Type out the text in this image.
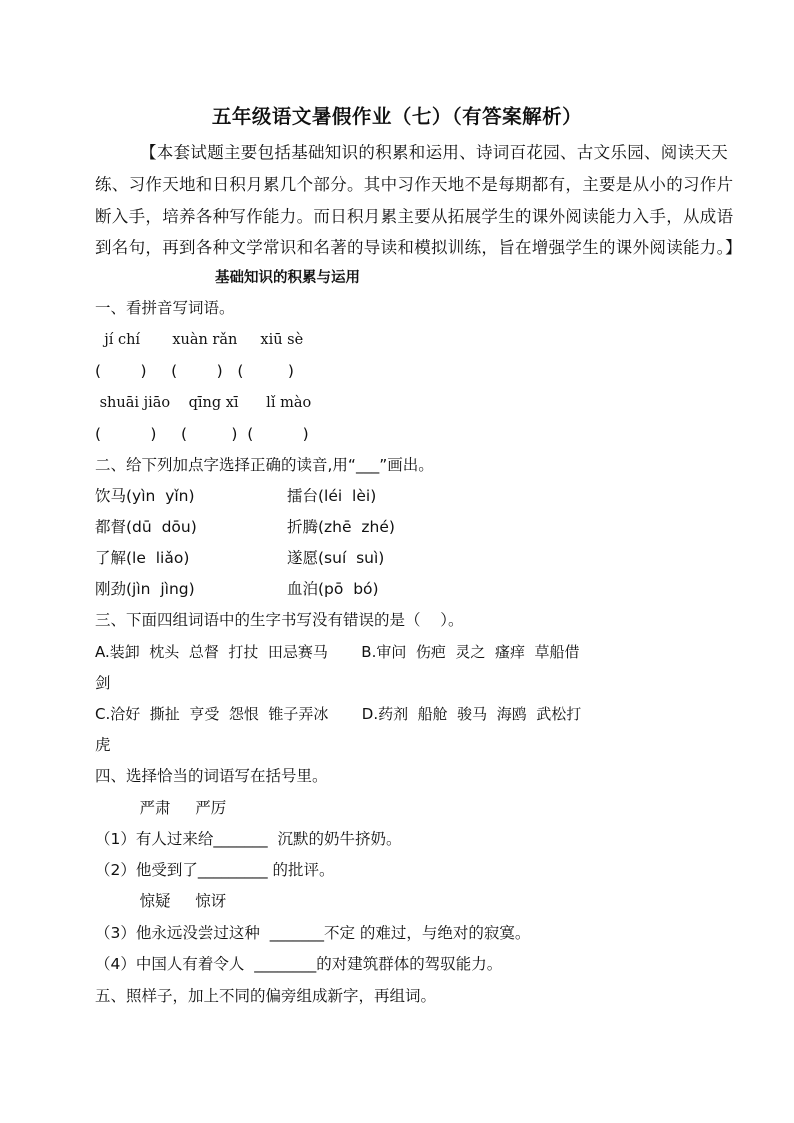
五年级语文暑假作业（七）（有答案解析）
【本套试题主要包括基础知识的积累和运用、诗词百花园、古文乐园、阅读天天
练、习作天地和日积月累几个部分。其中习作天地不是每期都有，主要是从小的习作片
断入手，培养各种写作能力。而日积月累主要从拓展学生的课外阅读能力入手，从成语
到名句，再到各种文学常识和名著的导读和模拟训练，旨在增强学生的课外阅读能力。】
基础知识的积累与运用
一、看拼音写词语。
jí chí       xuàn rǎn     xiū sè
(        )     (        )   (         )
shuāi jiāo    qīng xī      lǐ mào
(          )     (         )  (          )
二、给下列加点字选择正确的读音,用“___”画出。
饮马(yìn  yǐn)	擂台(léi  lèi)
都督(dū  dōu)	折腾(zhē  zhé)
了解(le  liǎo)	遂愿(suí  suì)
刚劲(jìn  jìng)	血泊(pō  bó)
三、下面四组词语中的生字书写没有错误的是（    ）。
A.装卸  枕头  总督  打扙  田忌赛马       B.审问  伤疤  灵之  瘙痒  草船借
剑
C.洽好  撕扯  亨受  怨恨  锥子弄冰       D.药剂  船舱  骏马  海鸥  武松打
虎
四、选择恰当的词语写在括号里。
严肃     严厉
（1）有人过来给_______  沉默的奶牛挤奶。
（2）他受到了_________ 的批评。
惊疑     惊讶
（3）他永远没尝过这种  _______不定 的难过，与绝对的寂寞。
（4）中国人有着令人  ________的对建筑群体的驾驭能力。
五、照样子，加上不同的偏旁组成新字，再组词。
